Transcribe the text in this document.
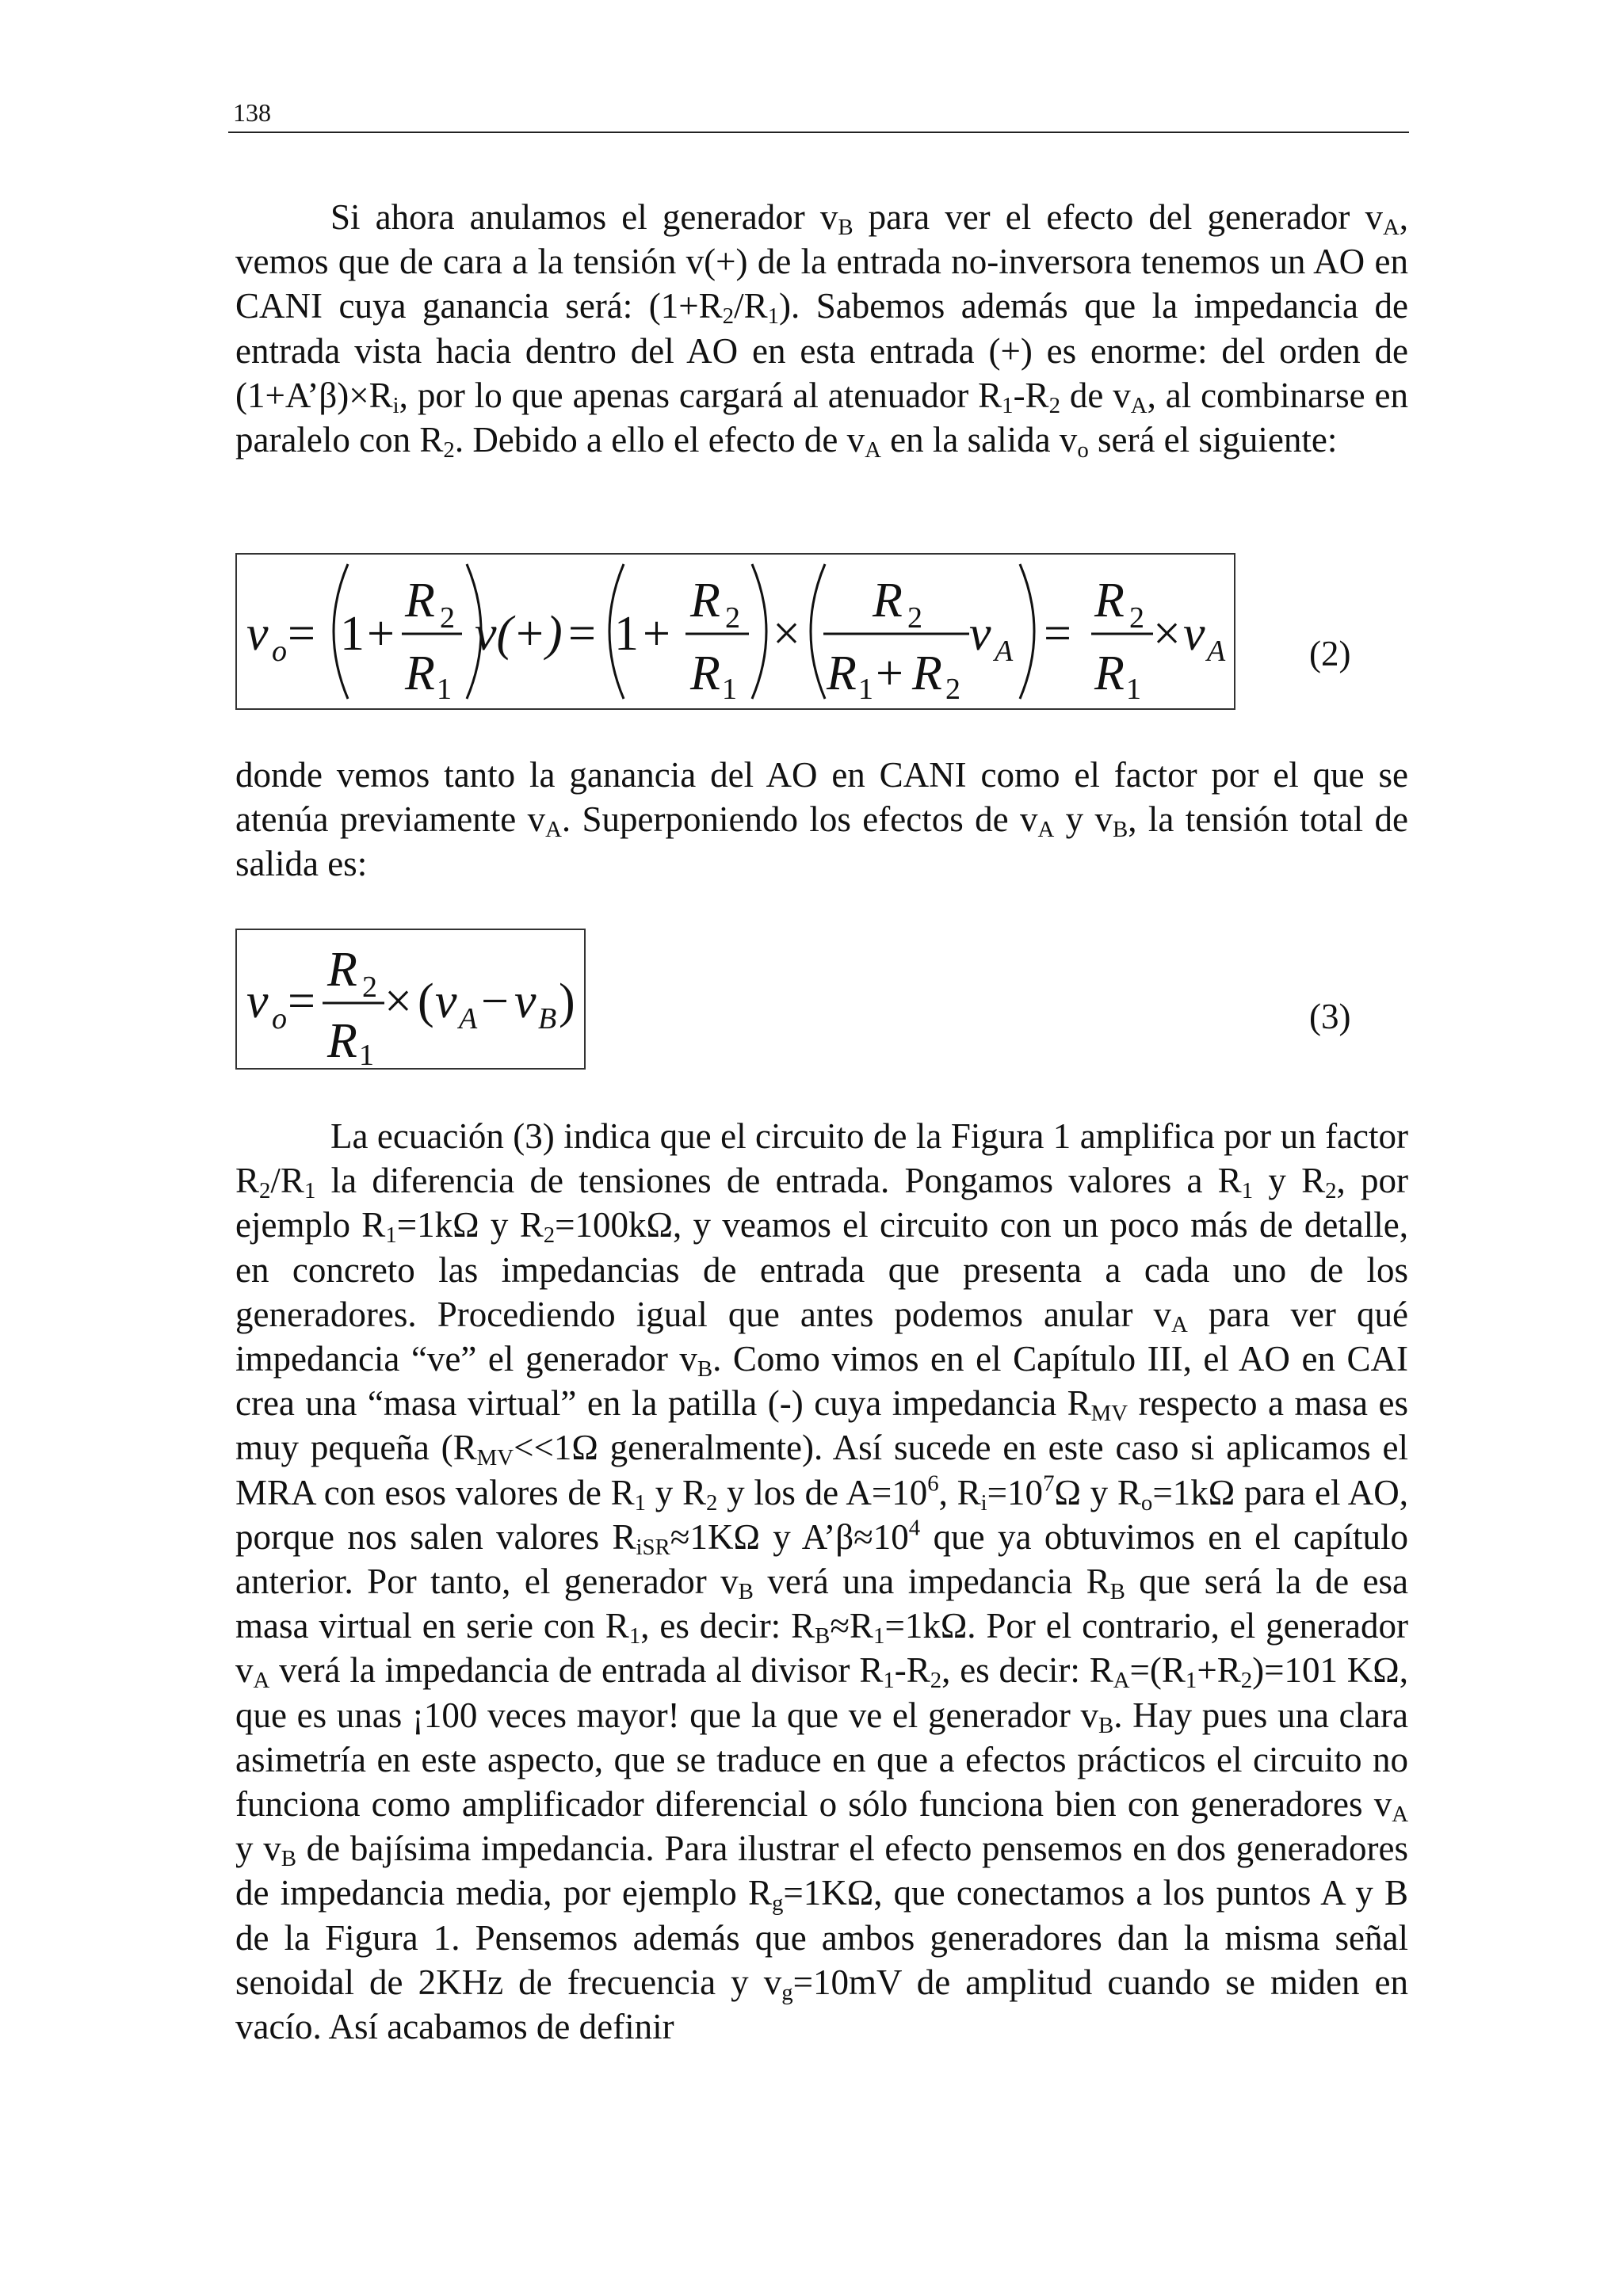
138

Si ahora anulamos el generador $v_B$ para ver el efecto del generador $v_A$, vemos que de cara a la tensión v(+) de la entrada no-inversora tenemos un AO en CANI cuya ganancia será: $(1+R_2/R_1)$. Sabemos además que la impedancia de entrada vista hacia dentro del AO en esta entrada (+) es enorme: del orden de $(1+A’\beta)\times R_i$, por lo que apenas cargará al atenuador $R_1-R_2$ de $v_A$, al combinarse en paralelo con $R_2$. Debido a ello el efecto de $v_A$ en la salida $v_o$ será el siguiente:

v o = 1 +
R 2
R 1
v(+) = 1 +
R 2
R 1
×
R 2
R 1 + R 2
v A =
R 2
R 1
× v A (2)

donde vemos tanto la ganancia del AO en CANI como el factor por el que se atenúa previamente $v_A$. Superponiendo los efectos de $v_A$ y $v_B$, la tensión total de salida es:

v o =
R 2
R 1
× ( v A − v B )	(3)

La ecuación (3) indica que el circuito de la Figura 1 amplifica por un factor $R_2/R_1$ la diferencia de tensiones de entrada. Pongamos valores a $R_1$ y $R_2$, por ejemplo $R_1=1k\Omega$ y $R_2=100k\Omega$, y veamos el circuito con un poco más de detalle, en concreto las impedancias de entrada que presenta a cada uno de los generadores. Procediendo igual que antes podemos anular $v_A$ para ver qué impedancia “ve” el generador $v_B$. Como vimos en el Capítulo III, el AO en CAI crea una “masa virtual” en la patilla (-) cuya impedancia $R_{MV}$ respecto a masa es muy pequeña ($R_{MV}<<1\Omega$ generalmente). Así sucede en este caso si aplicamos el MRA con esos valores de $R_1$ y $R_2$ y los de $A=10^6$, $R_i=10^7\Omega$ y $R_o=1k\Omega$ para el AO, porque nos salen valores $R_{iSR}\approx 1K\Omega$ y $A’\beta\approx 10^4$ que ya obtuvimos en el capítulo anterior. Por tanto, el generador $v_B$ verá una impedancia $R_B$ que será la de esa masa virtual en serie con $R_1$, es decir: $R_B\approx R_1=1k\Omega$. Por el contrario, el generador $v_A$ verá la impedancia de entrada al divisor $R_1-R_2$, es decir: $R_A=(R_1+R_2)=101$ KΩ, que es unas ¡100 veces mayor! que la que ve el generador $v_B$. Hay pues una clara asimetría en este aspecto, que se traduce en que a efectos prácticos el circuito no funciona como amplificador diferencial o sólo funciona bien con generadores $v_A$ y $v_B$ de bajísima impedancia. Para ilustrar el efecto pensemos en dos generadores de impedancia media, por ejemplo $R_g=1K\Omega$, que conectamos a los puntos A y B de la Figura 1. Pensemos además que ambos generadores dan la misma señal senoidal de 2KHz de frecuencia y $v_g=10mV$ de amplitud cuando se miden en vacío. Así acabamos de definir
